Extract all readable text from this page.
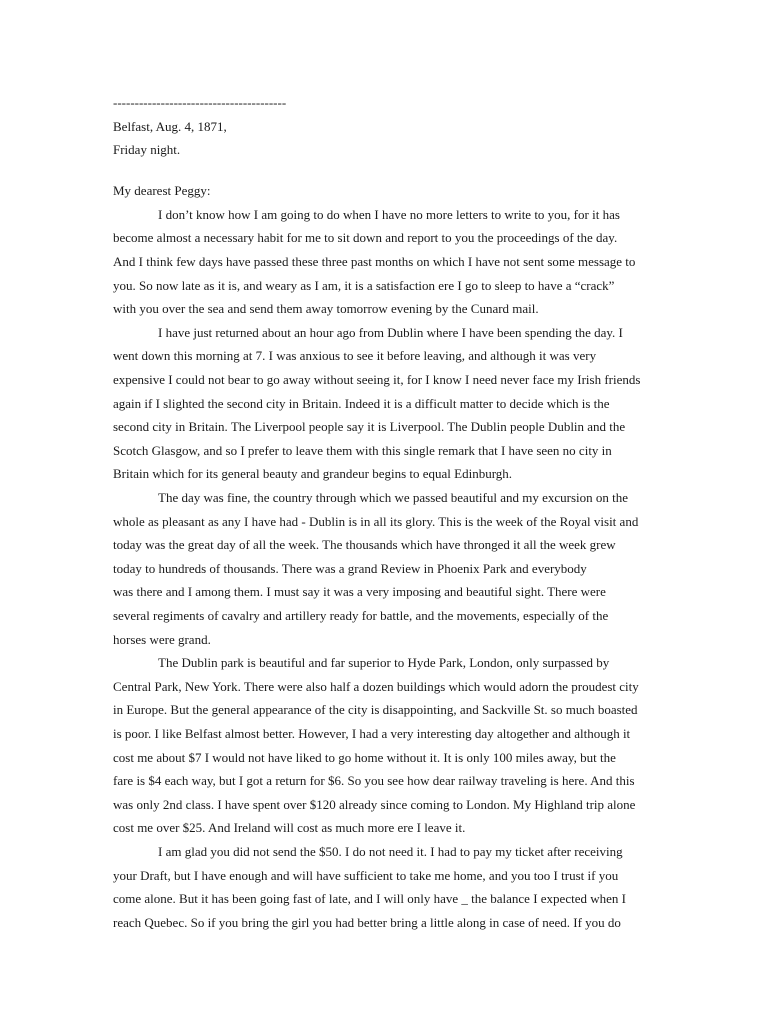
----------------------------------------
Belfast, Aug. 4, 1871,
Friday night.
My dearest Peggy:
I don’t know how I am going to do when I have no more letters to write to you, for it has
become almost a necessary habit for me to sit down and report to you the proceedings of the day.
And I think few days have passed these three past months on which I have not sent some message to
you. So now late as it is, and weary as I am, it is a satisfaction ere I go to sleep to have a “crack”
with you over the sea and send them away tomorrow evening by the Cunard mail.
I have just returned about an hour ago from Dublin where I have been spending the day. I
went down this morning at 7. I was anxious to see it before leaving, and although it was very
expensive I could not bear to go away without seeing it, for I know I need never face my Irish friends
again if I slighted the second city in Britain. Indeed it is a difficult matter to decide which is the
second city in Britain. The Liverpool people say it is Liverpool. The Dublin people Dublin and the
Scotch Glasgow, and so I prefer to leave them with this single remark that I have seen no city in
Britain which for its general beauty and grandeur begins to equal Edinburgh.
The day was fine, the country through which we passed beautiful and my excursion on the
whole as pleasant as any I have had - Dublin is in all its glory. This is the week of the Royal visit and
today was the great day of all the week. The thousands which have thronged it all the week grew
today to hundreds of thousands. There was a grand Review in Phoenix Park and everybody
was there and I among them. I must say it was a very imposing and beautiful sight. There were
several regiments of cavalry and artillery ready for battle, and the movements, especially of the
horses were grand.
The Dublin park is beautiful and far superior to Hyde Park, London, only surpassed by
Central Park, New York. There were also half a dozen buildings which would adorn the proudest city
in Europe. But the general appearance of the city is disappointing, and Sackville St. so much boasted
is poor. I like Belfast almost better. However, I had a very interesting day altogether and although it
cost me about $7 I would not have liked to go home without it. It is only 100 miles away, but the
fare is $4 each way, but I got a return for $6. So you see how dear railway traveling is here. And this
was only 2nd class. I have spent over $120 already since coming to London. My Highland trip alone
cost me over $25. And Ireland will cost as much more ere I leave it.
I am glad you did not send the $50. I do not need it. I had to pay my ticket after receiving
your Draft, but I have enough and will have sufficient to take me home, and you too I trust if you
come alone. But it has been going fast of late, and I will only have _ the balance I expected when I
reach Quebec. So if you bring the girl you had better bring a little along in case of need. If you do
